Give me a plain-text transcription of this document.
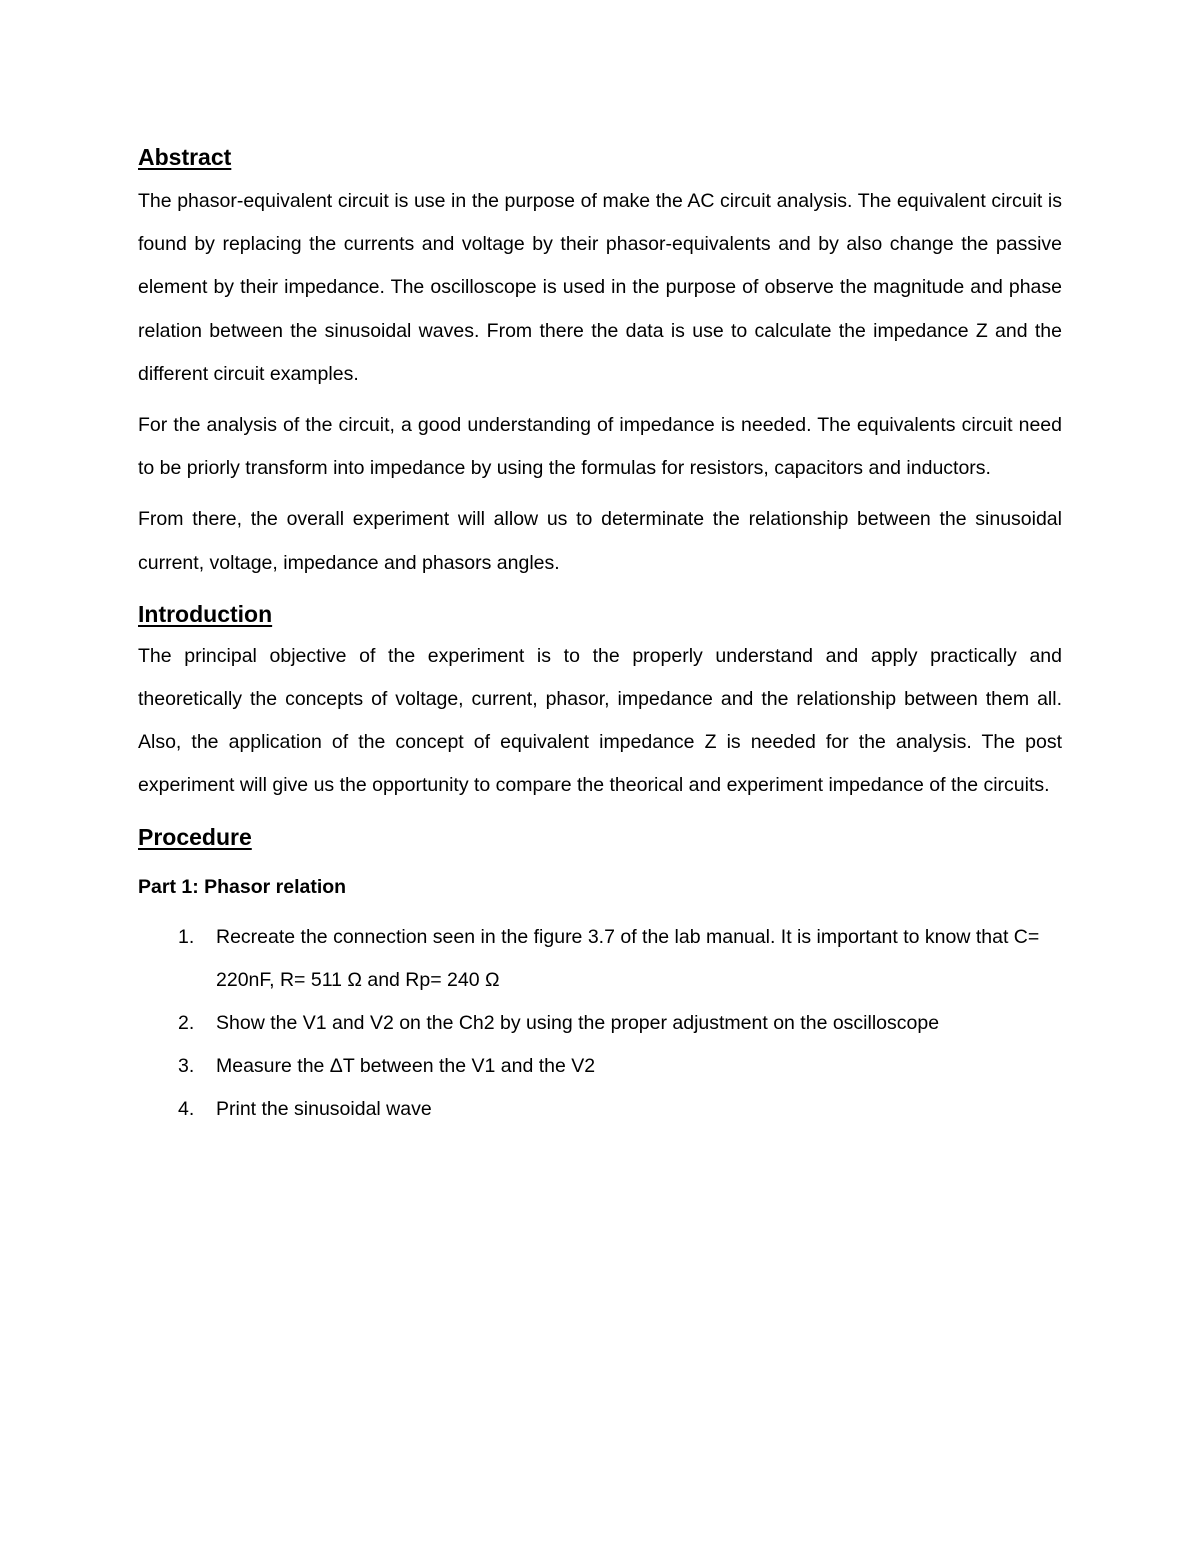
Abstract

The phasor-equivalent circuit is use in the purpose of make the AC circuit analysis. The equivalent circuit is found by replacing the currents and voltage by their phasor-equivalents and by also change the passive element by their impedance. The oscilloscope is used in the purpose of observe the magnitude and phase relation between the sinusoidal waves. From there the data is use to calculate the impedance Z and the different circuit examples.

For the analysis of the circuit, a good understanding of impedance is needed. The equivalents circuit need to be priorly transform into impedance by using the formulas for resistors, capacitors and inductors.

From there, the overall experiment will allow us to determinate the relationship between the sinusoidal current, voltage, impedance and phasors angles.

Introduction

The principal objective of the experiment is to the properly understand and apply practically and theoretically the concepts of voltage, current, phasor, impedance and the relationship between them all. Also, the application of the concept of equivalent impedance Z is needed for the analysis. The post experiment will give us the opportunity to compare the theorical and experiment impedance of the circuits.

Procedure
Part 1: Phasor relation
1.	Recreate the connection seen in the figure 3.7 of the lab manual. It is important to know that C= 220nF, R= 511 Ω and Rp= 240 Ω
2.	Show the V1 and V2 on the Ch2 by using the proper adjustment on the oscilloscope
3.	Measure the ΔT between the V1 and the V2
4.	Print the sinusoidal wave
